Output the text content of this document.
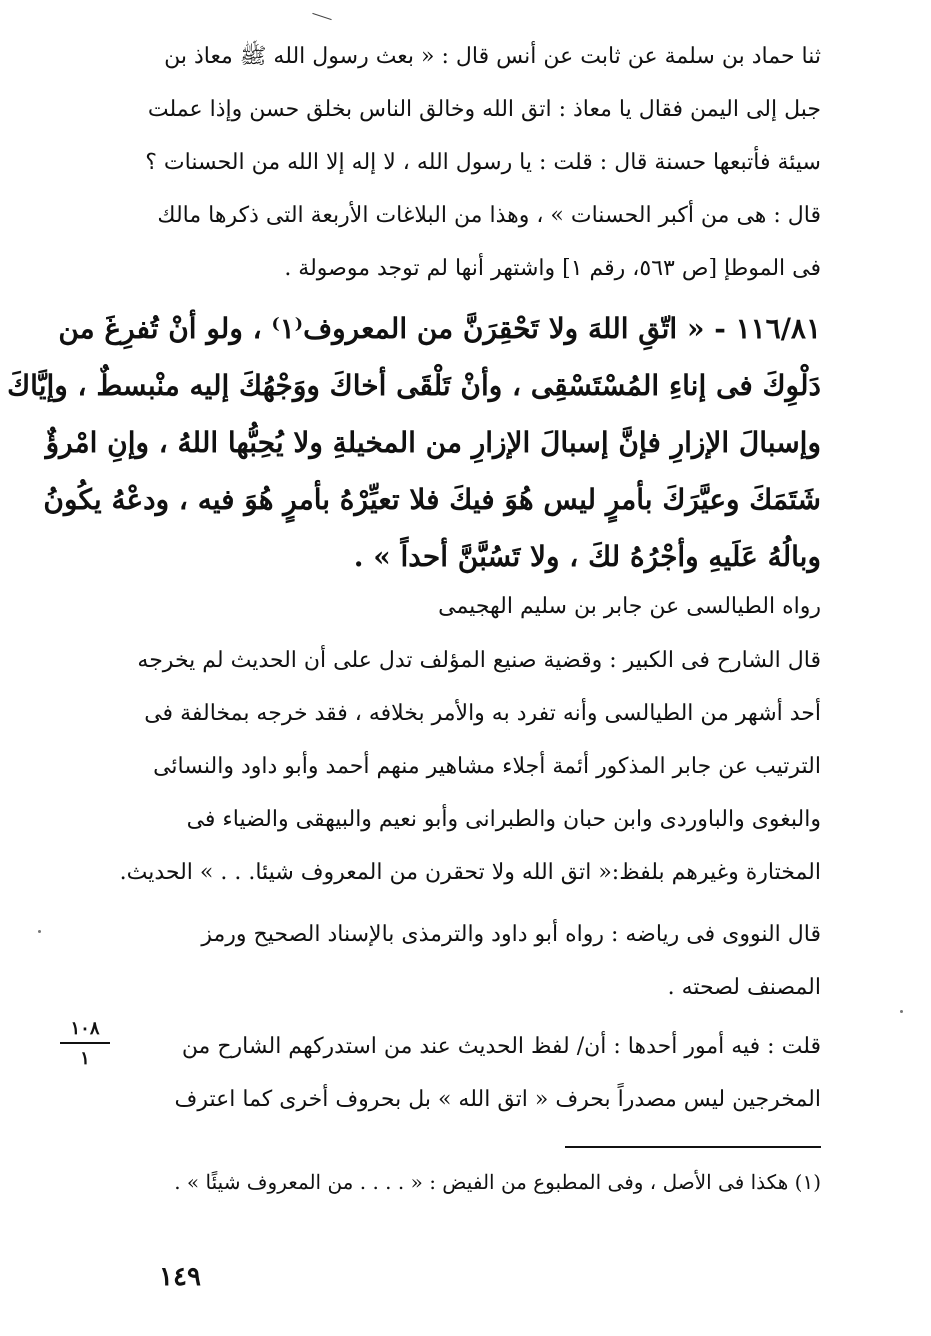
ثنا حماد بن سلمة عن ثابت عن أنس قال : « بعث رسول الله ﷺ معاذ بن
جبل إلى اليمن فقال يا معاذ : اتق الله وخالق الناس بخلق حسن وإذا عملت
سيئة فأتبعها حسنة قال : قلت : يا رسول الله ، لا إله إلا الله من الحسنات ؟
قال : هى من أكبر الحسنات » ، وهذا من البلاغات الأربعة التى ذكرها مالك
فى الموطإ [ص ٥٦٣، رقم ١] واشتهر أنها لم توجد موصولة .
١١٦/٨١ - « اتّقِ اللهَ ولا تَحْقِرَنَّ من المعروف⁽١⁾ ، ولو أنْ تُفرِغَ من
دَلْوِكَ فى إناءِ المُسْتَسْقِى ، وأنْ تَلْقَى أخاكَ ووَجْهُكَ إليه منْبسطٌ ، وإيَّاكَ
وإسبالَ الإزارِ فإنَّ إسبالَ الإزارِ من المخيلةِ ولا يُحِبُّها اللهُ ، وإنِ امْرؤٌ
شَتَمَكَ وعيَّرَكَ بأمرٍ ليس هُوَ فيكَ فلا تعيِّرْهُ بأمرٍ هُوَ فيه ، ودعْهُ يكُونُ
وبالُهُ عَلَيهِ وأجْرُهُ لكَ ، ولا تَسُبَّنَّ أحداً » .
رواه الطيالسى عن جابر بن سليم الهجيمى
قال الشارح فى الكبير : وقضية صنيع المؤلف تدل على أن الحديث لم يخرجه
أحد أشهر من الطيالسى وأنه تفرد به والأمر بخلافه ، فقد خرجه بمخالفة فى
الترتيب عن جابر المذكور أئمة أجلاء مشاهير منهم أحمد وأبو داود والنسائى
والبغوى والباوردى وابن حبان والطبرانى وأبو نعيم والبيهقى والضياء فى
المختارة وغيرهم بلفظ:« اتق الله ولا تحقرن من المعروف شيئا. . . » الحديث.
قال النووى فى رياضه : رواه أبو داود والترمذى بالإسناد الصحيح ورمز
المصنف لصحته .
قلت : فيه أمور أحدها : أن/ لفظ الحديث عند من استدركهم الشارح من
المخرجين ليس مصدراً بحرف « اتق الله » بل بحروف أخرى كما اعترف
١٠٨
١
(١) هكذا فى الأصل ، وفى المطبوع من الفيض : « . . . . من المعروف شيئًا » .
١٤٩
